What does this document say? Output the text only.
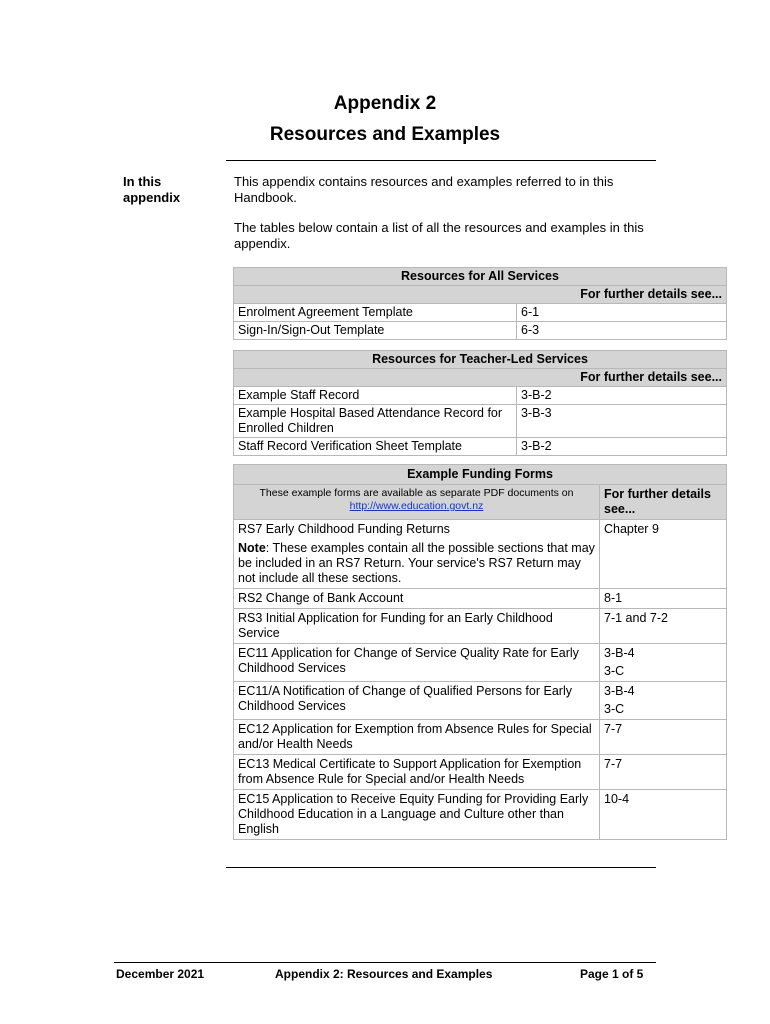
Appendix 2
Resources and Examples
In this appendix
This appendix contains resources and examples referred to in this Handbook.
The tables below contain a list of all the resources and examples in this appendix.
Resources for All Services	
For further details see...	
Enrolment Agreement Template	6-1
Sign-In/Sign-Out Template	6-3
Resources for Teacher-Led Services	
For further details see...	
Example Staff Record	3-B-2
Example Hospital Based Attendance Record for Enrolled Children	3-B-3
Staff Record Verification Sheet Template	3-B-2
Example Funding Forms	
These example forms are available as separate PDF documents on http://www.education.govt.nz	For further details see...

RS7 Early Childhood Funding Returns
Note: These examples contain all the possible sections that may be included in an RS7 Return. Your service's RS7 Return may not include all these sections.	Chapter 9
RS2 Change of Bank Account	8-1
RS3 Initial Application for Funding for an Early Childhood Service	7-1 and 7-2
EC11 Application for Change of Service Quality Rate for Early Childhood Services	3-B-4
3-C

EC11/A Notification of Change of Qualified Persons for Early Childhood Services	3-B-4
3-C

EC12 Application for Exemption from Absence Rules for Special and/or Health Needs	7-7
EC13 Medical Certificate to Support Application for Exemption from Absence Rule for Special and/or Health Needs	7-7
EC15 Application to Receive Equity Funding for Providing Early Childhood Education in a Language and Culture other than English	10-4
December 2021	Appendix 2: Resources and Examples	Page 1 of 5
